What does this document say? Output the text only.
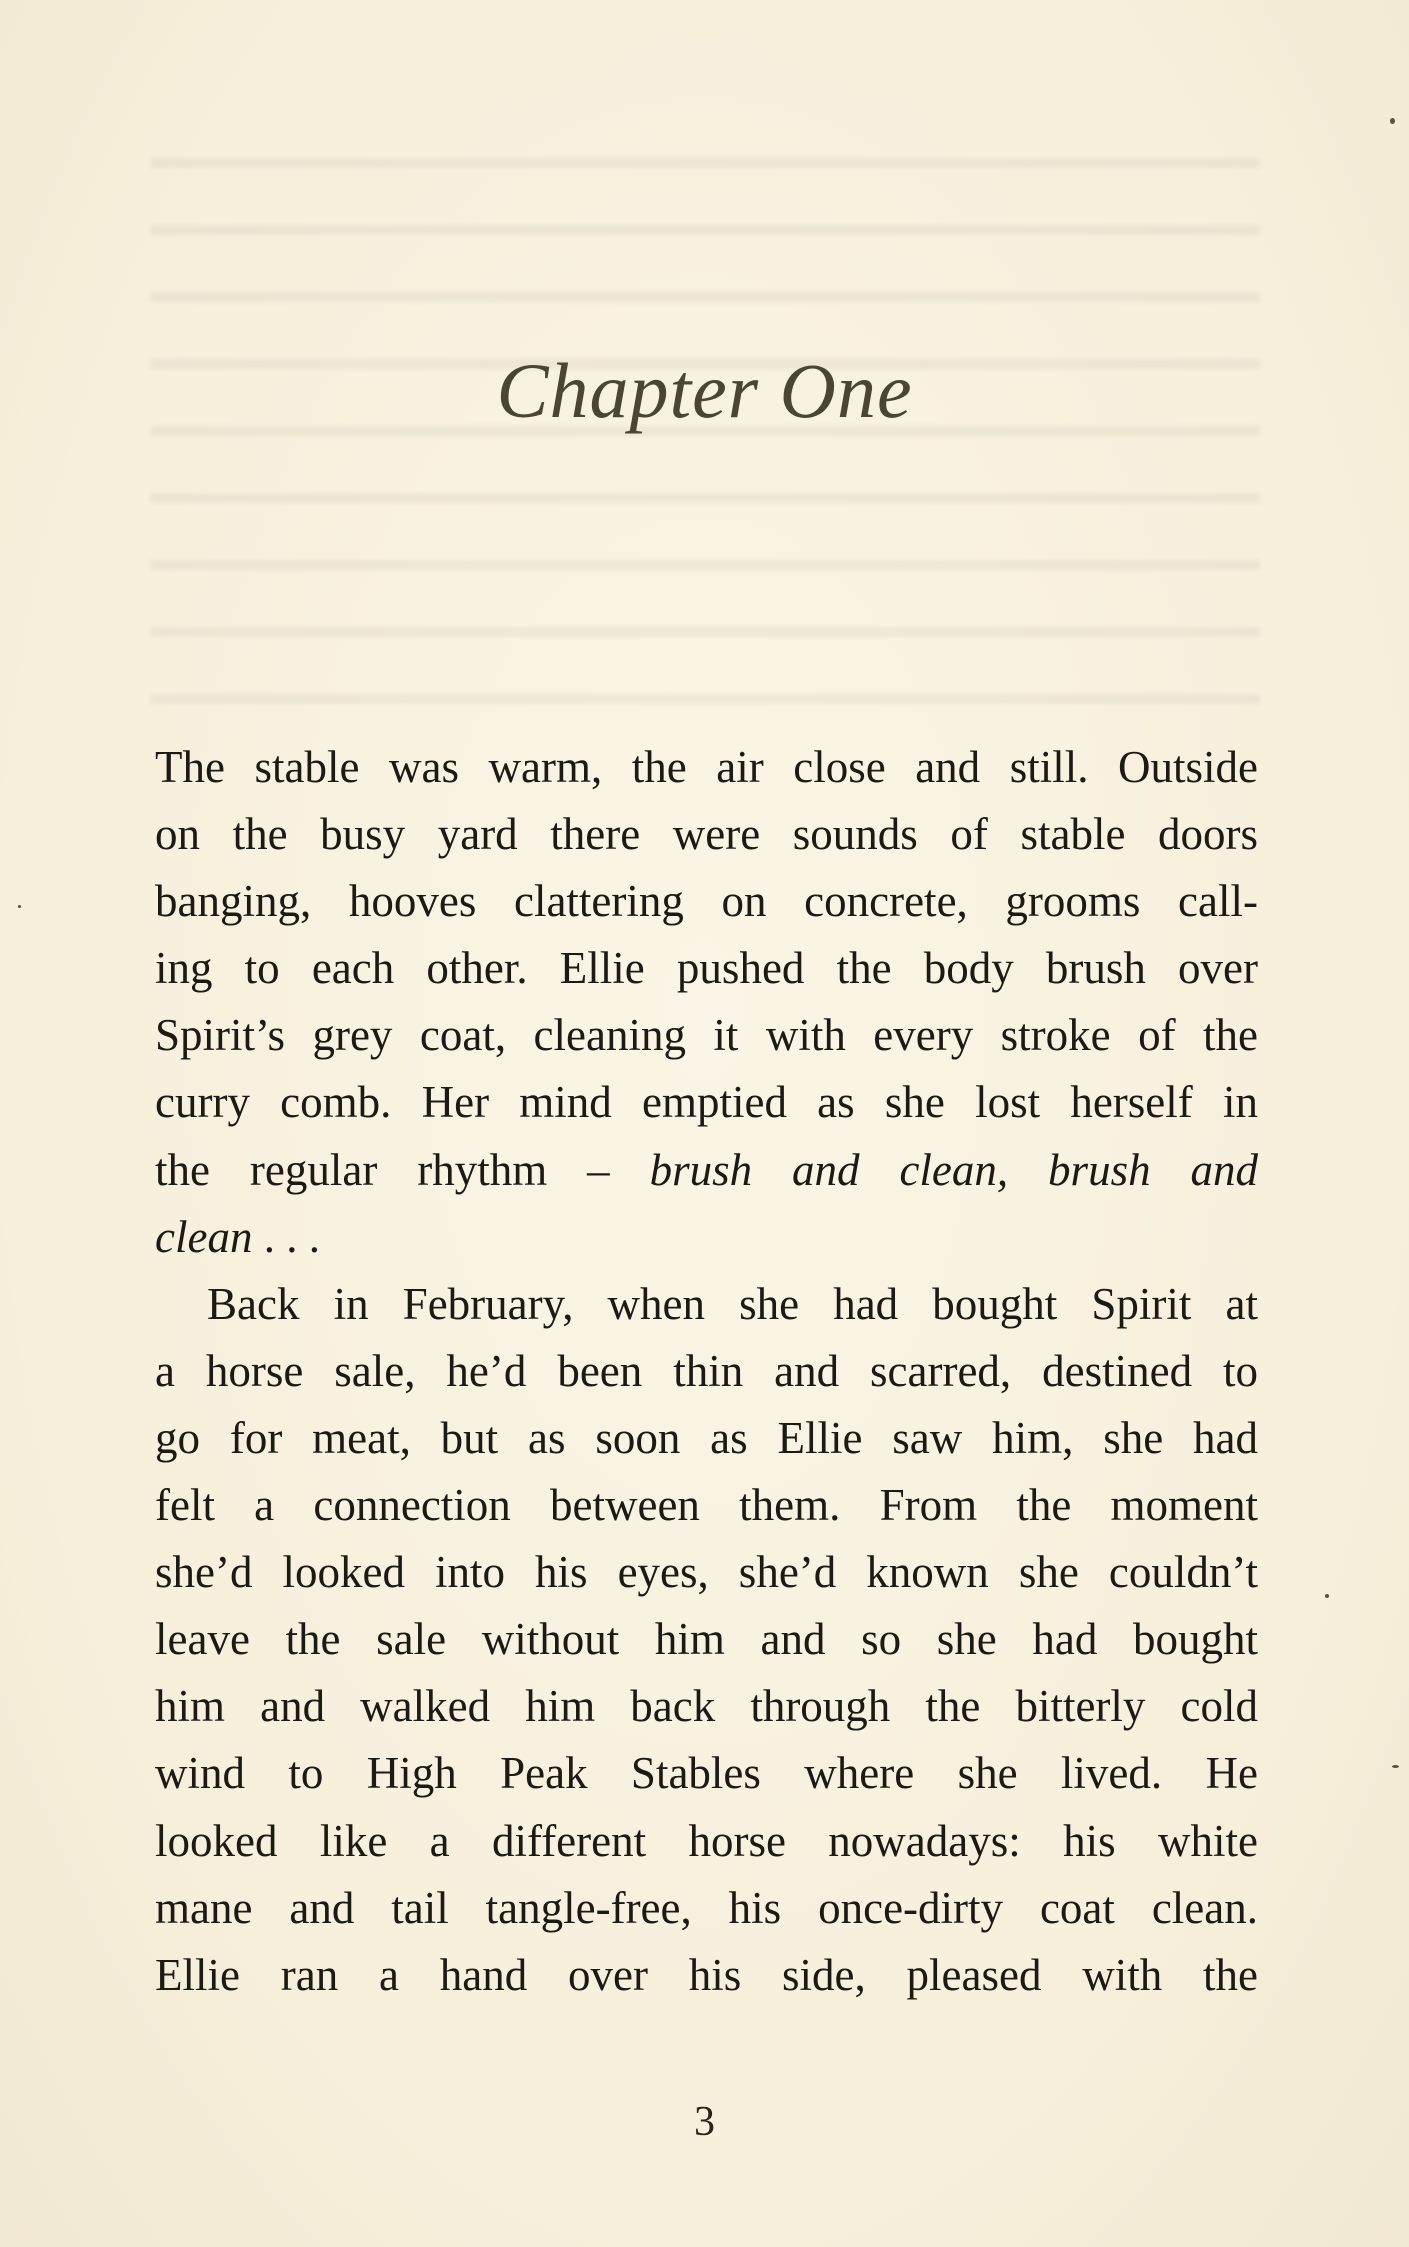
Chapter One
The stable was warm, the air close and still. Outside
on the busy yard there were sounds of stable doors
banging, hooves clattering on concrete, grooms call-
ing to each other. Ellie pushed the body brush over
Spirit’s grey coat, cleaning it with every stroke of the
curry comb. Her mind emptied as she lost herself in
the regular rhythm – brush and clean, brush and
clean . . .
Back in February, when she had bought Spirit at
a horse sale, he’d been thin and scarred, destined to
go for meat, but as soon as Ellie saw him, she had
felt a connection between them. From the moment
she’d looked into his eyes, she’d known she couldn’t
leave the sale without him and so she had bought
him and walked him back through the bitterly cold
wind to High Peak Stables where she lived. He
looked like a different horse nowadays: his white
mane and tail tangle-free, his once-dirty coat clean.
Ellie ran a hand over his side, pleased with the
3
